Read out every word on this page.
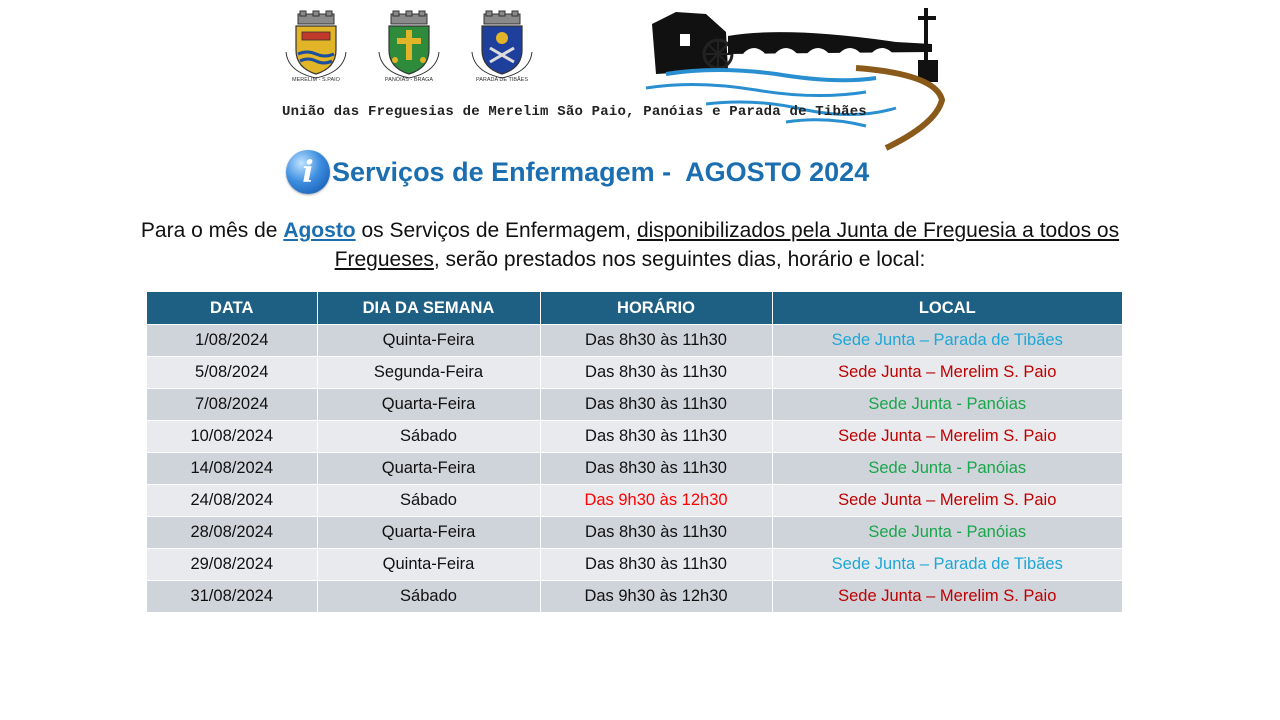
MERELIM - S.PAIO	PANÓIAS - BRAGA	PARADA DE TIBÃES
União das Freguesias de Merelim São Paio, Panóias e Parada de Tibães
i Serviços de Enfermagem -  AGOSTO 2024
Para o mês de Agosto os Serviços de Enfermagem, disponibilizados pela Junta de Freguesia a todos os Fregueses, serão prestados nos seguintes dias, horário e local:
DATA	DIA DA SEMANA	HORÁRIO	LOCAL
1/08/2024	Quinta-Feira	Das 8h30 às 11h30	Sede Junta – Parada de Tibães
5/08/2024	Segunda-Feira	Das 8h30 às 11h30	Sede Junta – Merelim S. Paio
7/08/2024	Quarta-Feira	Das 8h30 às 11h30	Sede Junta - Panóias
10/08/2024	Sábado	Das 8h30 às 11h30	Sede Junta – Merelim S. Paio
14/08/2024	Quarta-Feira	Das 8h30 às 11h30	Sede Junta - Panóias
24/08/2024	Sábado	Das 9h30 às 12h30	Sede Junta – Merelim S. Paio
28/08/2024	Quarta-Feira	Das 8h30 às 11h30	Sede Junta - Panóias
29/08/2024	Quinta-Feira	Das 8h30 às 11h30	Sede Junta – Parada de Tibães
31/08/2024	Sábado	Das 9h30 às 12h30	Sede Junta – Merelim S. Paio
